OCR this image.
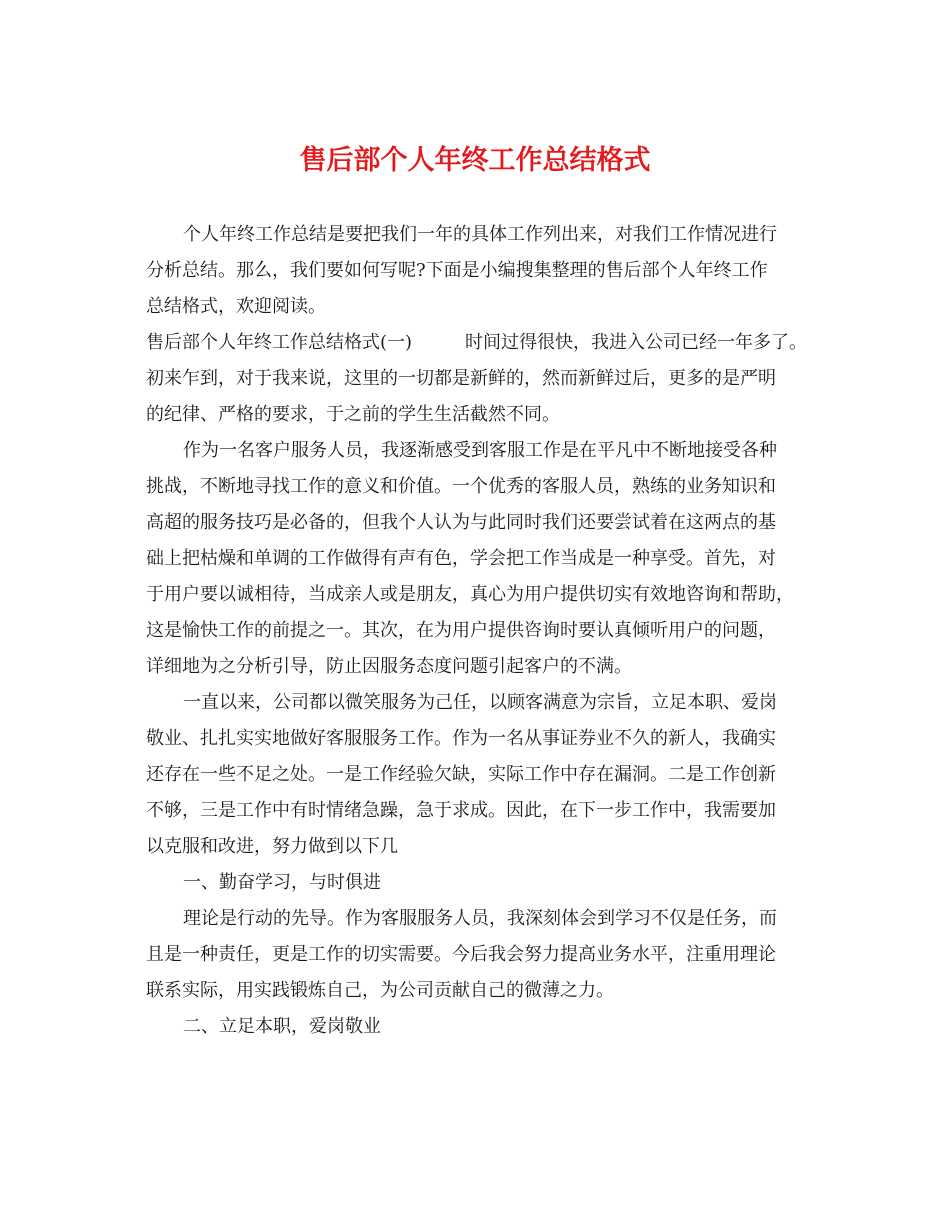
售后部个人年终工作总结格式

个人年终工作总结是要把我们一年的具体工作列出来，对我们工作情况进行

分析总结。那么，我们要如何写呢?下面是小编搜集整理的售后部个人年终工作

总结格式，欢迎阅读。

售后部个人年终工作总结格式(一)	时间过得很快，我进入公司已经一年多了。

初来乍到，对于我来说，这里的一切都是新鲜的，然而新鲜过后，更多的是严明

的纪律、严格的要求，于之前的学生生活截然不同。

作为一名客户服务人员，我逐渐感受到客服工作是在平凡中不断地接受各种

挑战，不断地寻找工作的意义和价值。一个优秀的客服人员，熟练的业务知识和

高超的服务技巧是必备的，但我个人认为与此同时我们还要尝试着在这两点的基

础上把枯燥和单调的工作做得有声有色，学会把工作当成是一种享受。首先，对

于用户要以诚相待，当成亲人或是朋友，真心为用户提供切实有效地咨询和帮助，

这是愉快工作的前提之一。其次，在为用户提供咨询时要认真倾听用户的问题，

详细地为之分析引导，防止因服务态度问题引起客户的不满。

一直以来，公司都以微笑服务为己任，以顾客满意为宗旨，立足本职、爱岗

敬业、扎扎实实地做好客服服务工作。作为一名从事证券业不久的新人，我确实

还存在一些不足之处。一是工作经验欠缺，实际工作中存在漏洞。二是工作创新

不够，三是工作中有时情绪急躁，急于求成。因此，在下一步工作中，我需要加

以克服和改进，努力做到以下几

一、勤奋学习，与时俱进

理论是行动的先导。作为客服服务人员，我深刻体会到学习不仅是任务，而

且是一种责任，更是工作的切实需要。今后我会努力提高业务水平，注重用理论

联系实际，用实践锻炼自己，为公司贡献自己的微薄之力。

二、立足本职，爱岗敬业
